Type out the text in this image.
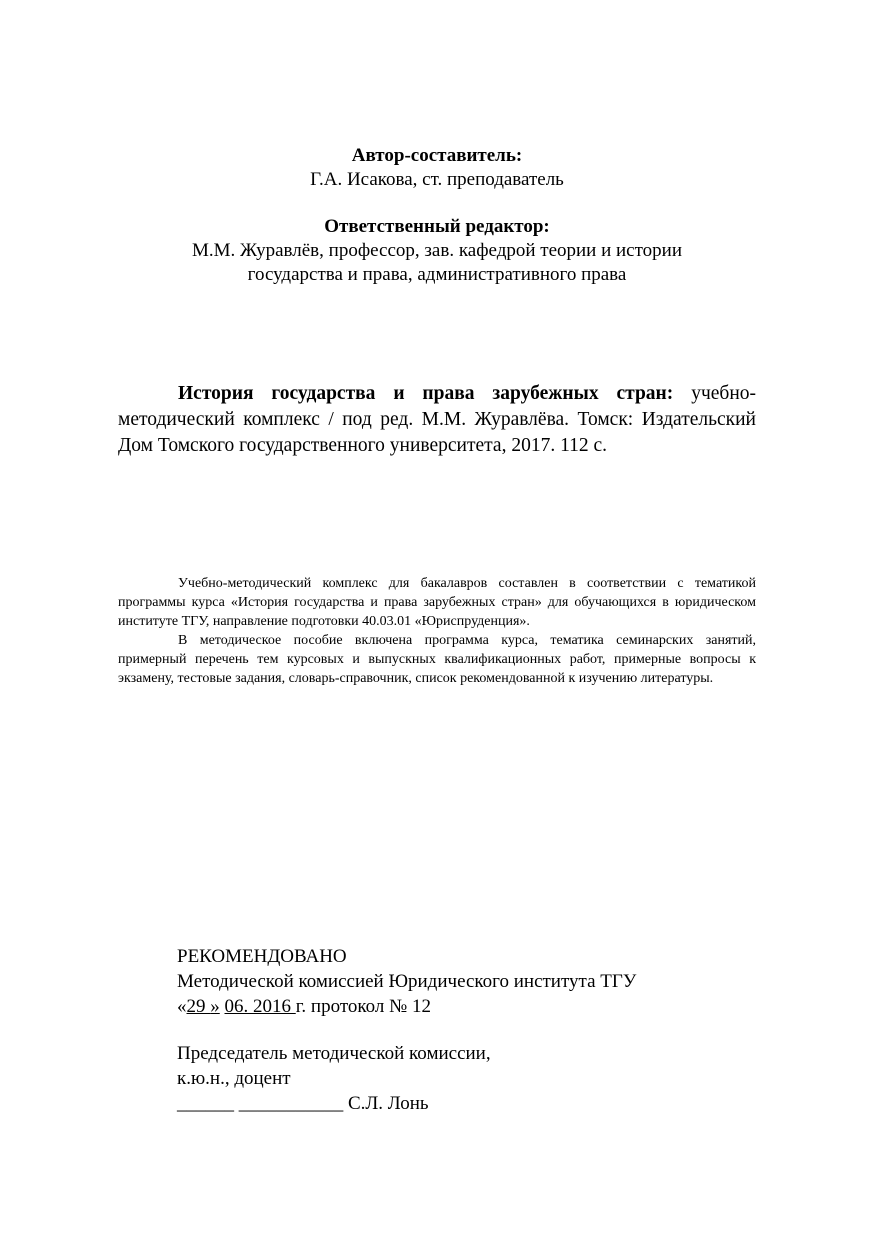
Автор-составитель:
Г.А. Исакова, ст. преподаватель
Ответственный редактор:
М.М. Журавлёв, профессор, зав. кафедрой теории и истории
государства и права, административного права
История государства и права зарубежных стран: учебно-методический комплекс / под ред. М.М. Журавлёва. Томск: Издательский Дом Томского государственного университета, 2017. 112 с.

Учебно-методический комплекс для бакалавров составлен в соответствии с тематикой программы курса «История государства и права зарубежных стран» для обучающихся в юридическом институте ТГУ, направление подготовки 40.03.01 «Юриспруденция».

В методическое пособие включена программа курса, тематика семинарских занятий, примерный перечень тем курсовых и выпускных квалификационных работ, примерные вопросы к экзамену, тестовые задания, словарь-справочник, список рекомендованной к изучению литературы.

РЕКОМЕНДОВАНО
Методической комиссией Юридического института ТГУ
«29 » 06. 2016 г. протокол № 12
Председатель методической комиссии,
к.ю.н., доцент
______ ___________ С.Л. Лонь
